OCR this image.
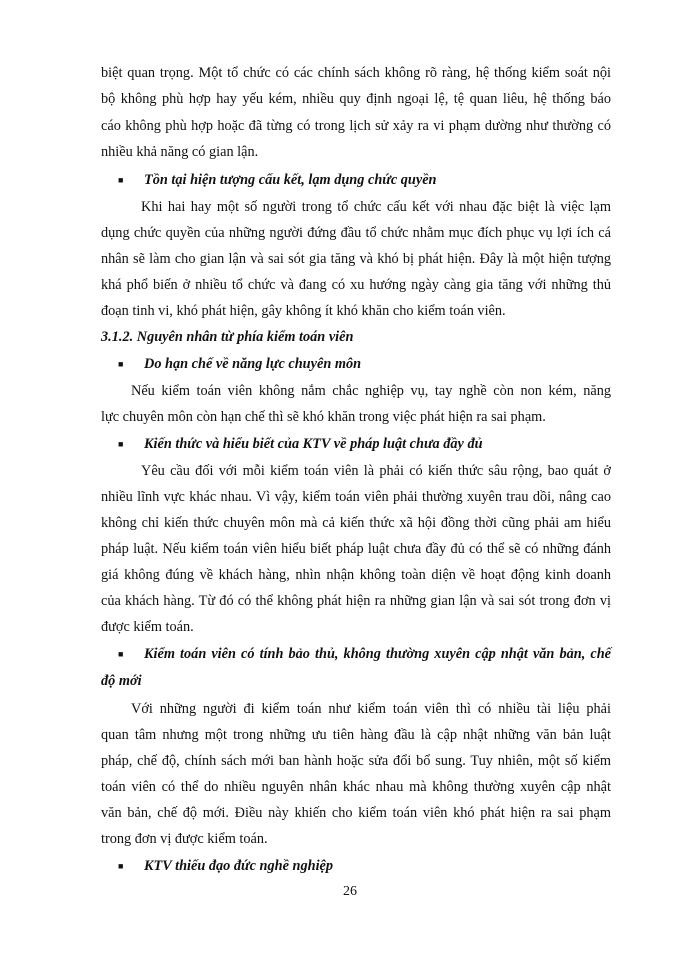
biệt quan trọng. Một tổ chức có các chính sách không rõ ràng, hệ thống kiểm soát nội
bộ không phù hợp hay yếu kém, nhiều quy định ngoại lệ, tệ quan liêu, hệ thống báo
cáo không phù hợp hoặc đã từng có trong lịch sử xảy ra vi phạm dường như thường có
nhiều khả năng có gian lận.
■ Tồn tại hiện tượng cấu kết, lạm dụng chức quyền
Khi hai hay một số người trong tổ chức cấu kết với nhau đặc biệt là việc lạm
dụng chức quyền của những người đứng đầu tổ chức nhằm mục đích phục vụ lợi ích cá
nhân sẽ làm cho gian lận và sai sót gia tăng và khó bị phát hiện. Đây là một hiện tượng
khá phổ biến ở nhiều tổ chức và đang có xu hướng ngày càng gia tăng với những thủ
đoạn tinh vi, khó phát hiện, gây không ít khó khăn cho kiểm toán viên.
3.1.2. Nguyên nhân từ phía kiểm toán viên
■ Do hạn chế về năng lực chuyên môn
Nếu kiểm toán viên không nắm chắc nghiệp vụ, tay nghề còn non kém, năng
lực chuyên môn còn hạn chế thì sẽ khó khăn trong việc phát hiện ra sai phạm.
■ Kiến thức và hiểu biết của KTV về pháp luật chưa đầy đủ
Yêu cầu đối với mỗi kiểm toán viên là phải có kiến thức sâu rộng, bao quát ở
nhiều lĩnh vực khác nhau. Vì vậy, kiểm toán viên phải thường xuyên trau dồi, nâng cao
không chỉ kiến thức chuyên môn mà cả kiến thức xã hội đồng thời cũng phải am hiểu
pháp luật. Nếu kiểm toán viên hiểu biết pháp luật chưa đầy đủ có thể sẽ có những đánh
giá không đúng về khách hàng, nhìn nhận không toàn diện về hoạt động kinh doanh
của khách hàng. Từ đó có thể không phát hiện ra những gian lận và sai sót trong đơn vị
được kiểm toán.
■ Kiểm toán viên có tính bảo thủ, không thường xuyên cập nhật văn bản, chế
độ mới
Với những người đi kiểm toán như kiểm toán viên thì có nhiều tài liệu phải
quan tâm nhưng một trong những ưu tiên hàng đầu là cập nhật những văn bản luật
pháp, chế độ, chính sách mới ban hành hoặc sửa đổi bổ sung. Tuy nhiên, một số kiểm
toán viên có thể do nhiều nguyên nhân khác nhau mà không thường xuyên cập nhật
văn bản, chế độ mới. Điều này khiến cho kiểm toán viên khó phát hiện ra sai phạm
trong đơn vị được kiểm toán.
■ KTV thiếu đạo đức nghề nghiệp
26
